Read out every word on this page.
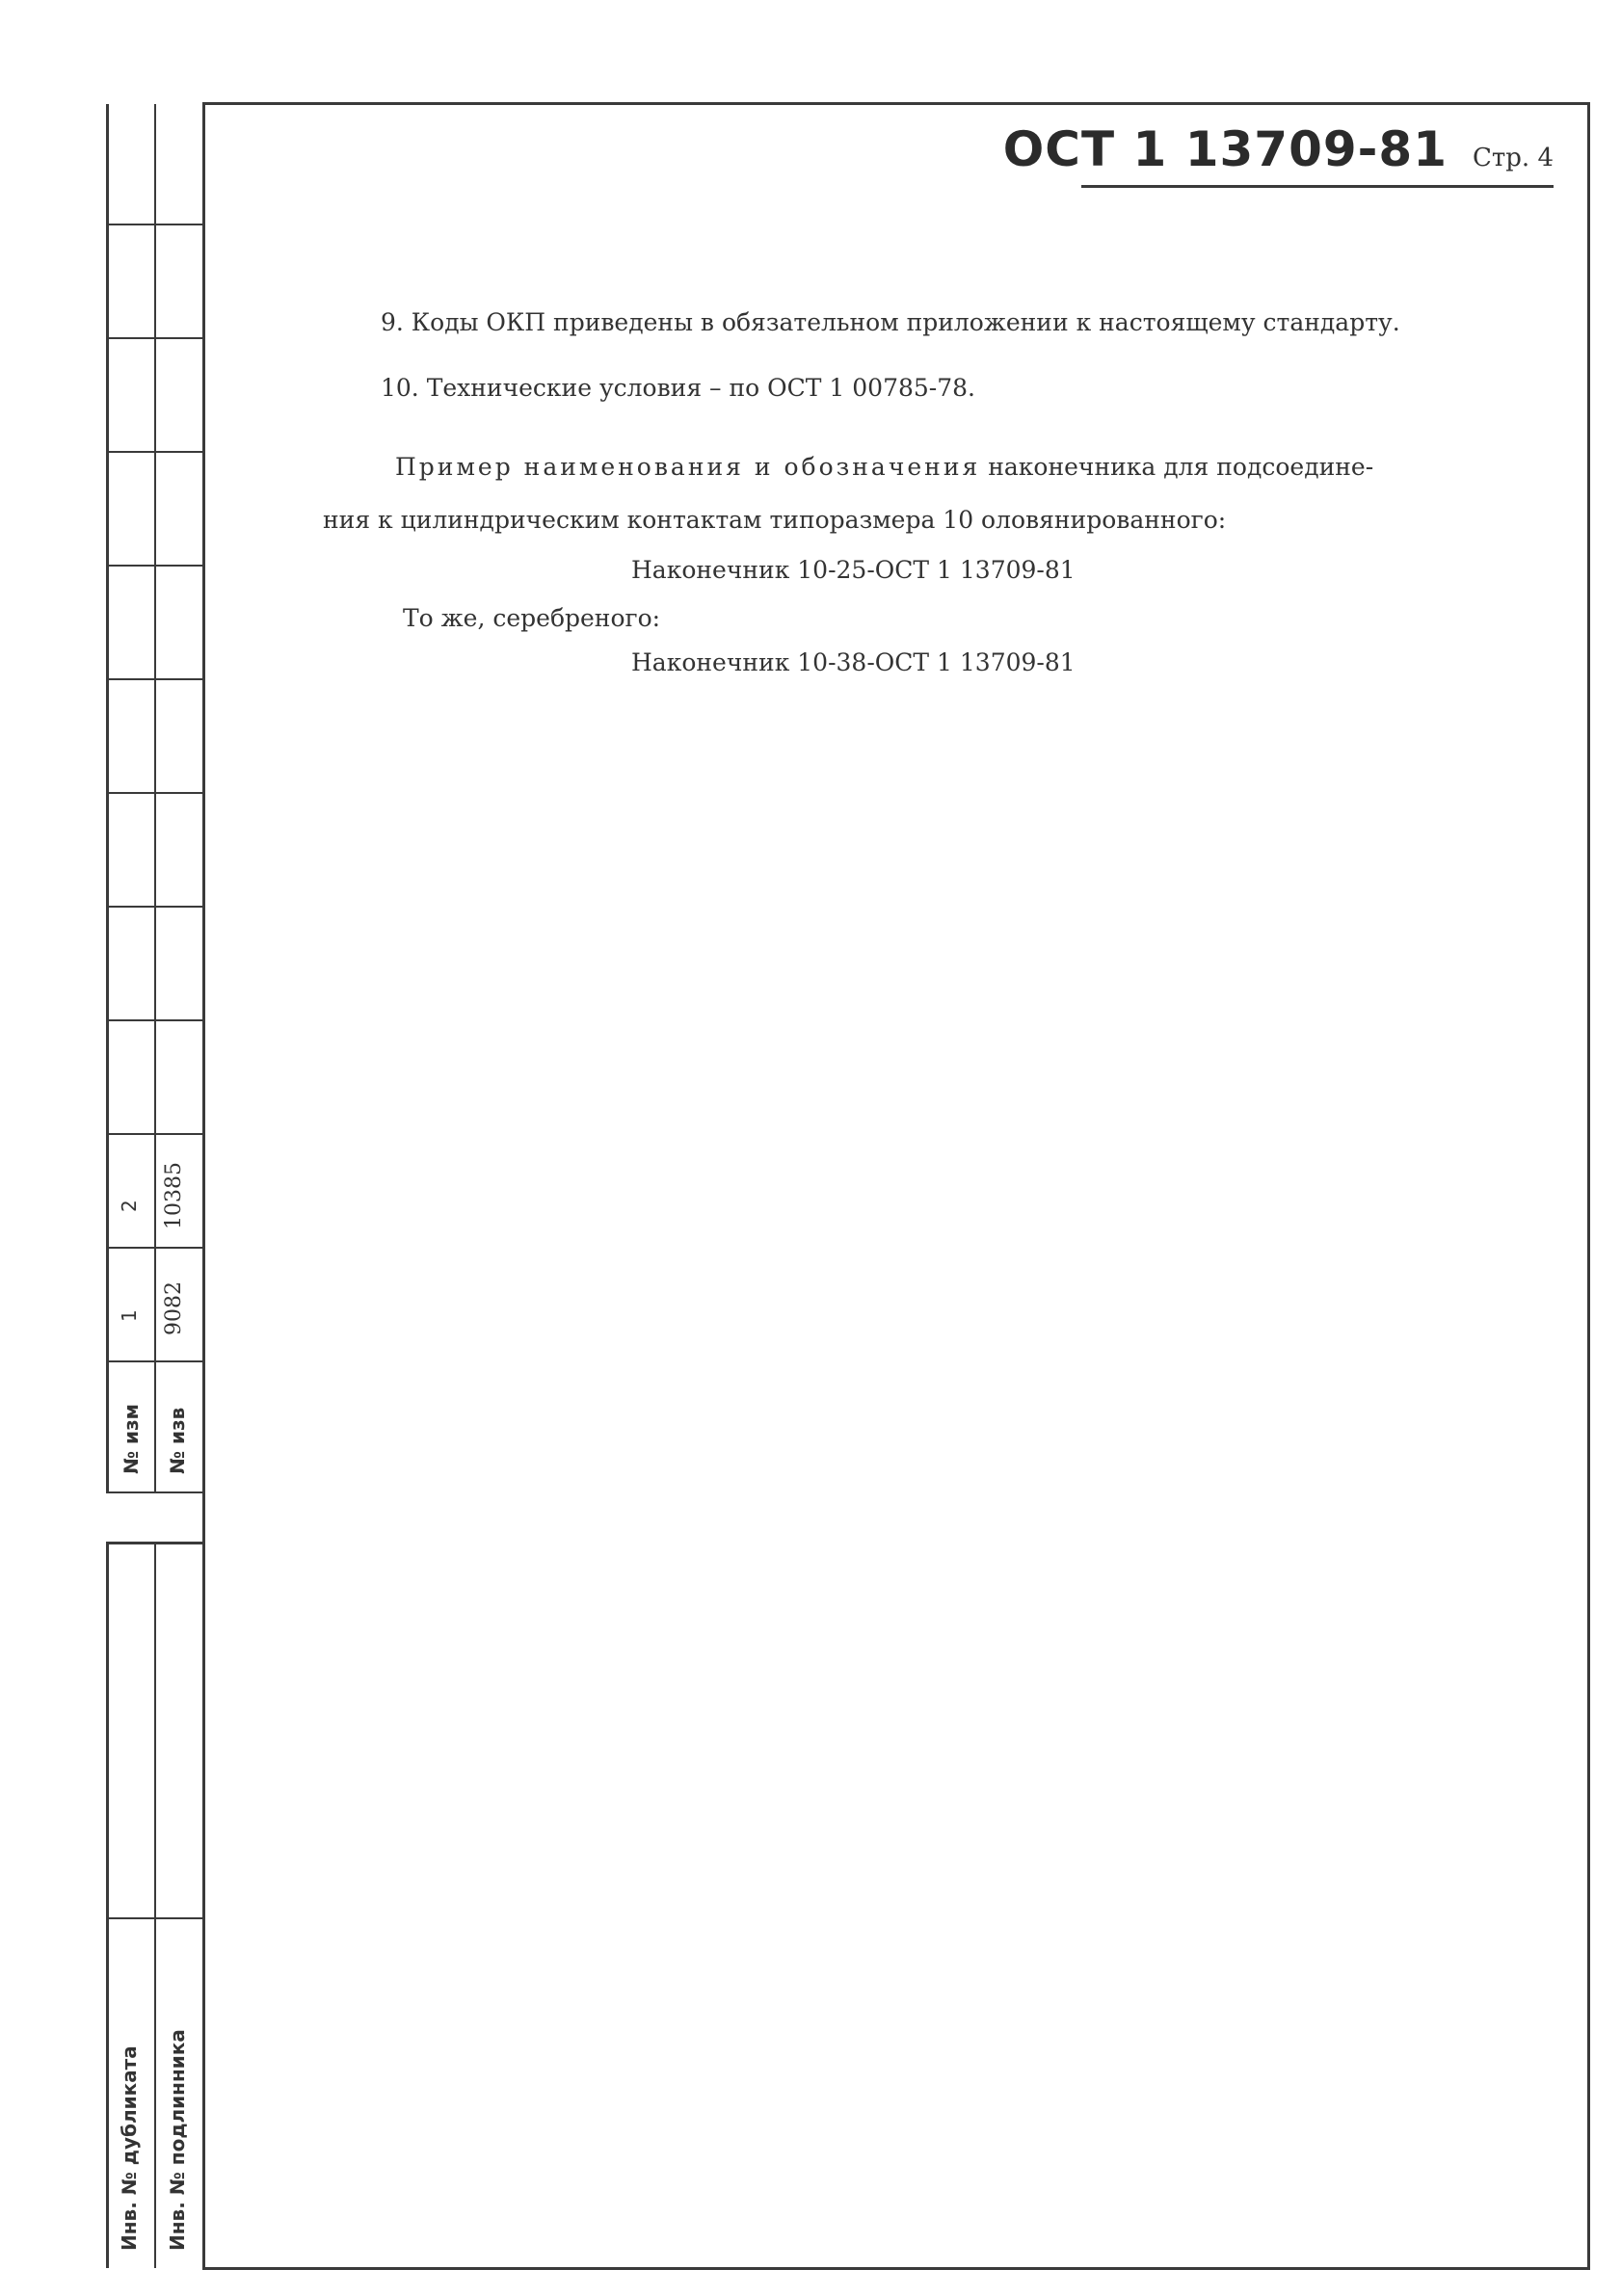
2 10385
1 9082
№ изм № изв
Инв. № дубликата Инв. № подлинника
ОСТ 1 13709-81 Стр. 4
9. Коды ОКП приведены в обязательном приложении к настоящему стандарту.
10. Технические условия – по ОСТ 1 00785-78.
Пример наименования и обозначения наконечника для подсоедине-
ния к цилиндрическим контактам типоразмера 10 оловянированного:
Наконечник 10-25-ОСТ 1 13709-81
То же, серебреного:
Наконечник 10-38-ОСТ 1 13709-81
